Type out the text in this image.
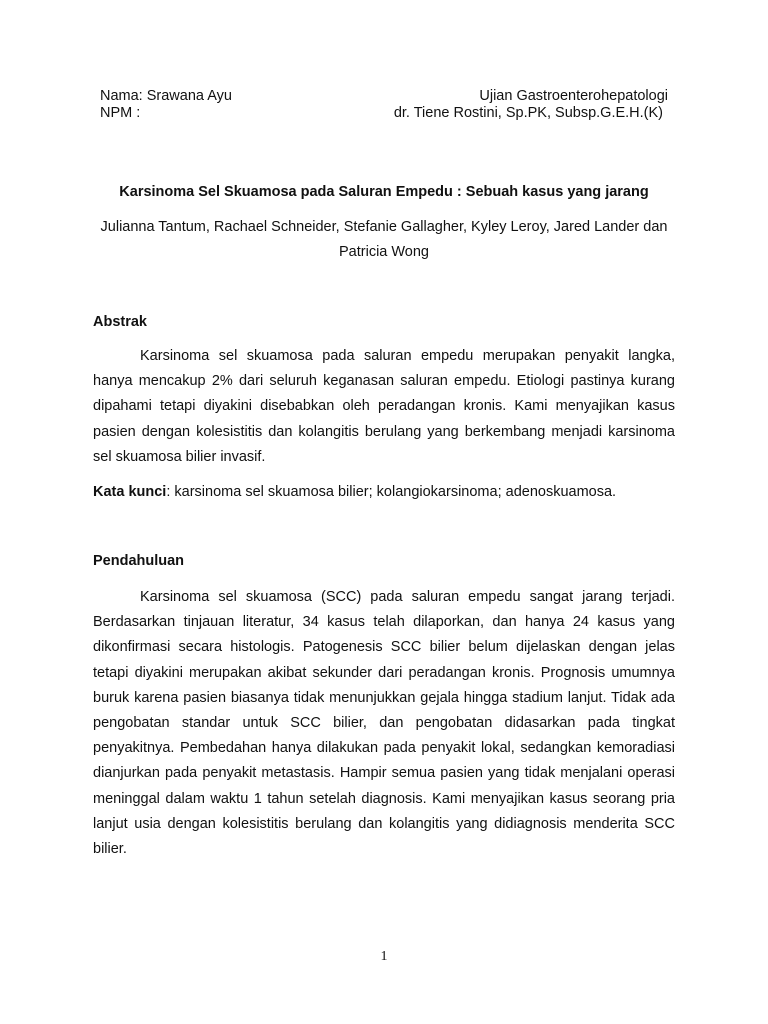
Nama: Srawana Ayu	Ujian Gastroenterohepatologi
NPM :	dr. Tiene Rostini, Sp.PK, Subsp.G.E.H.(K)
Karsinoma Sel Skuamosa pada Saluran Empedu : Sebuah kasus yang jarang
Julianna Tantum, Rachael Schneider, Stefanie Gallagher, Kyley Leroy, Jared Lander dan Patricia Wong
Abstrak

Karsinoma sel skuamosa pada saluran empedu merupakan penyakit langka, hanya mencakup 2% dari seluruh keganasan saluran empedu. Etiologi pastinya kurang dipahami tetapi diyakini disebabkan oleh peradangan kronis. Kami menyajikan kasus pasien dengan kolesistitis dan kolangitis berulang yang berkembang menjadi karsinoma sel skuamosa bilier invasif.

Kata kunci: karsinoma sel skuamosa bilier; kolangiokarsinoma; adenoskuamosa.
Pendahuluan

Karsinoma sel skuamosa (SCC) pada saluran empedu sangat jarang terjadi. Berdasarkan tinjauan literatur, 34 kasus telah dilaporkan, dan hanya 24 kasus yang dikonfirmasi secara histologis. Patogenesis SCC bilier belum dijelaskan dengan jelas tetapi diyakini merupakan akibat sekunder dari peradangan kronis. Prognosis umumnya buruk karena pasien biasanya tidak menunjukkan gejala hingga stadium lanjut. Tidak ada pengobatan standar untuk SCC bilier, dan pengobatan didasarkan pada tingkat penyakitnya. Pembedahan hanya dilakukan pada penyakit lokal, sedangkan kemoradiasi dianjurkan pada penyakit metastasis. Hampir semua pasien yang tidak menjalani operasi meninggal dalam waktu 1 tahun setelah diagnosis. Kami menyajikan kasus seorang pria lanjut usia dengan kolesistitis berulang dan kolangitis yang didiagnosis menderita SCC bilier.

1
